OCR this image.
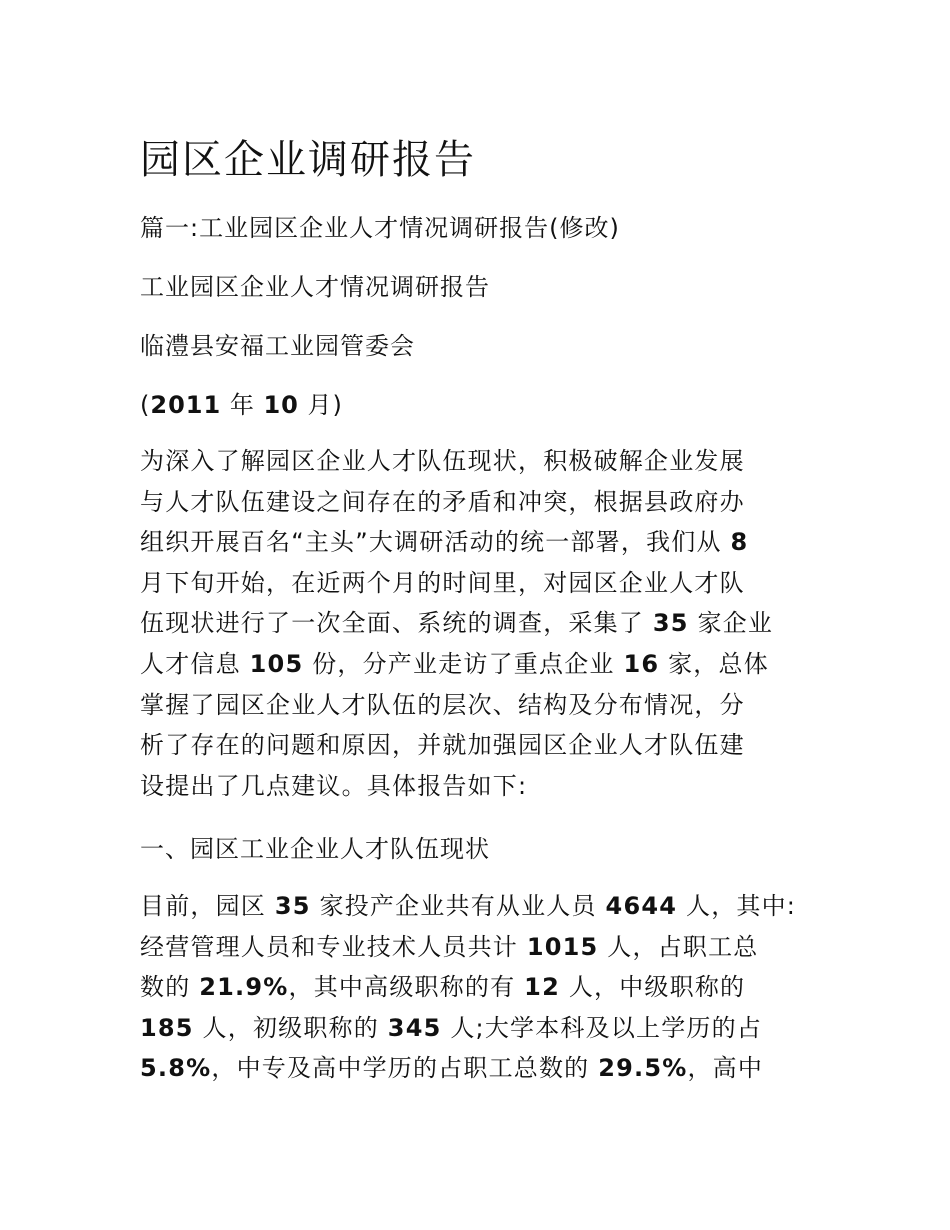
园区企业调研报告

篇一:工业园区企业人才情况调研报告(修改)

工业园区企业人才情况调研报告

临澧县安福工业园管委会

(2011 年 10 月)

为深入了解园区企业人才队伍现状，积极破解企业发展
与人才队伍建设之间存在的矛盾和冲突，根据县政府办
组织开展百名“主头”大调研活动的统一部署，我们从 8
月下旬开始，在近两个月的时间里，对园区企业人才队
伍现状进行了一次全面、系统的调查，采集了 35 家企业
人才信息 105 份，分产业走访了重点企业 16 家，总体
掌握了园区企业人才队伍的层次、结构及分布情况，分
析了存在的问题和原因，并就加强园区企业人才队伍建
设提出了几点建议。具体报告如下:

一、园区工业企业人才队伍现状

目前，园区 35 家投产企业共有从业人员 4644 人，其中:
经营管理人员和专业技术人员共计 1015 人，占职工总
数的 21.9%，其中高级职称的有 12 人，中级职称的
185 人，初级职称的 345 人;大学本科及以上学历的占
5.8%，中专及高中学历的占职工总数的 29.5%，高中
